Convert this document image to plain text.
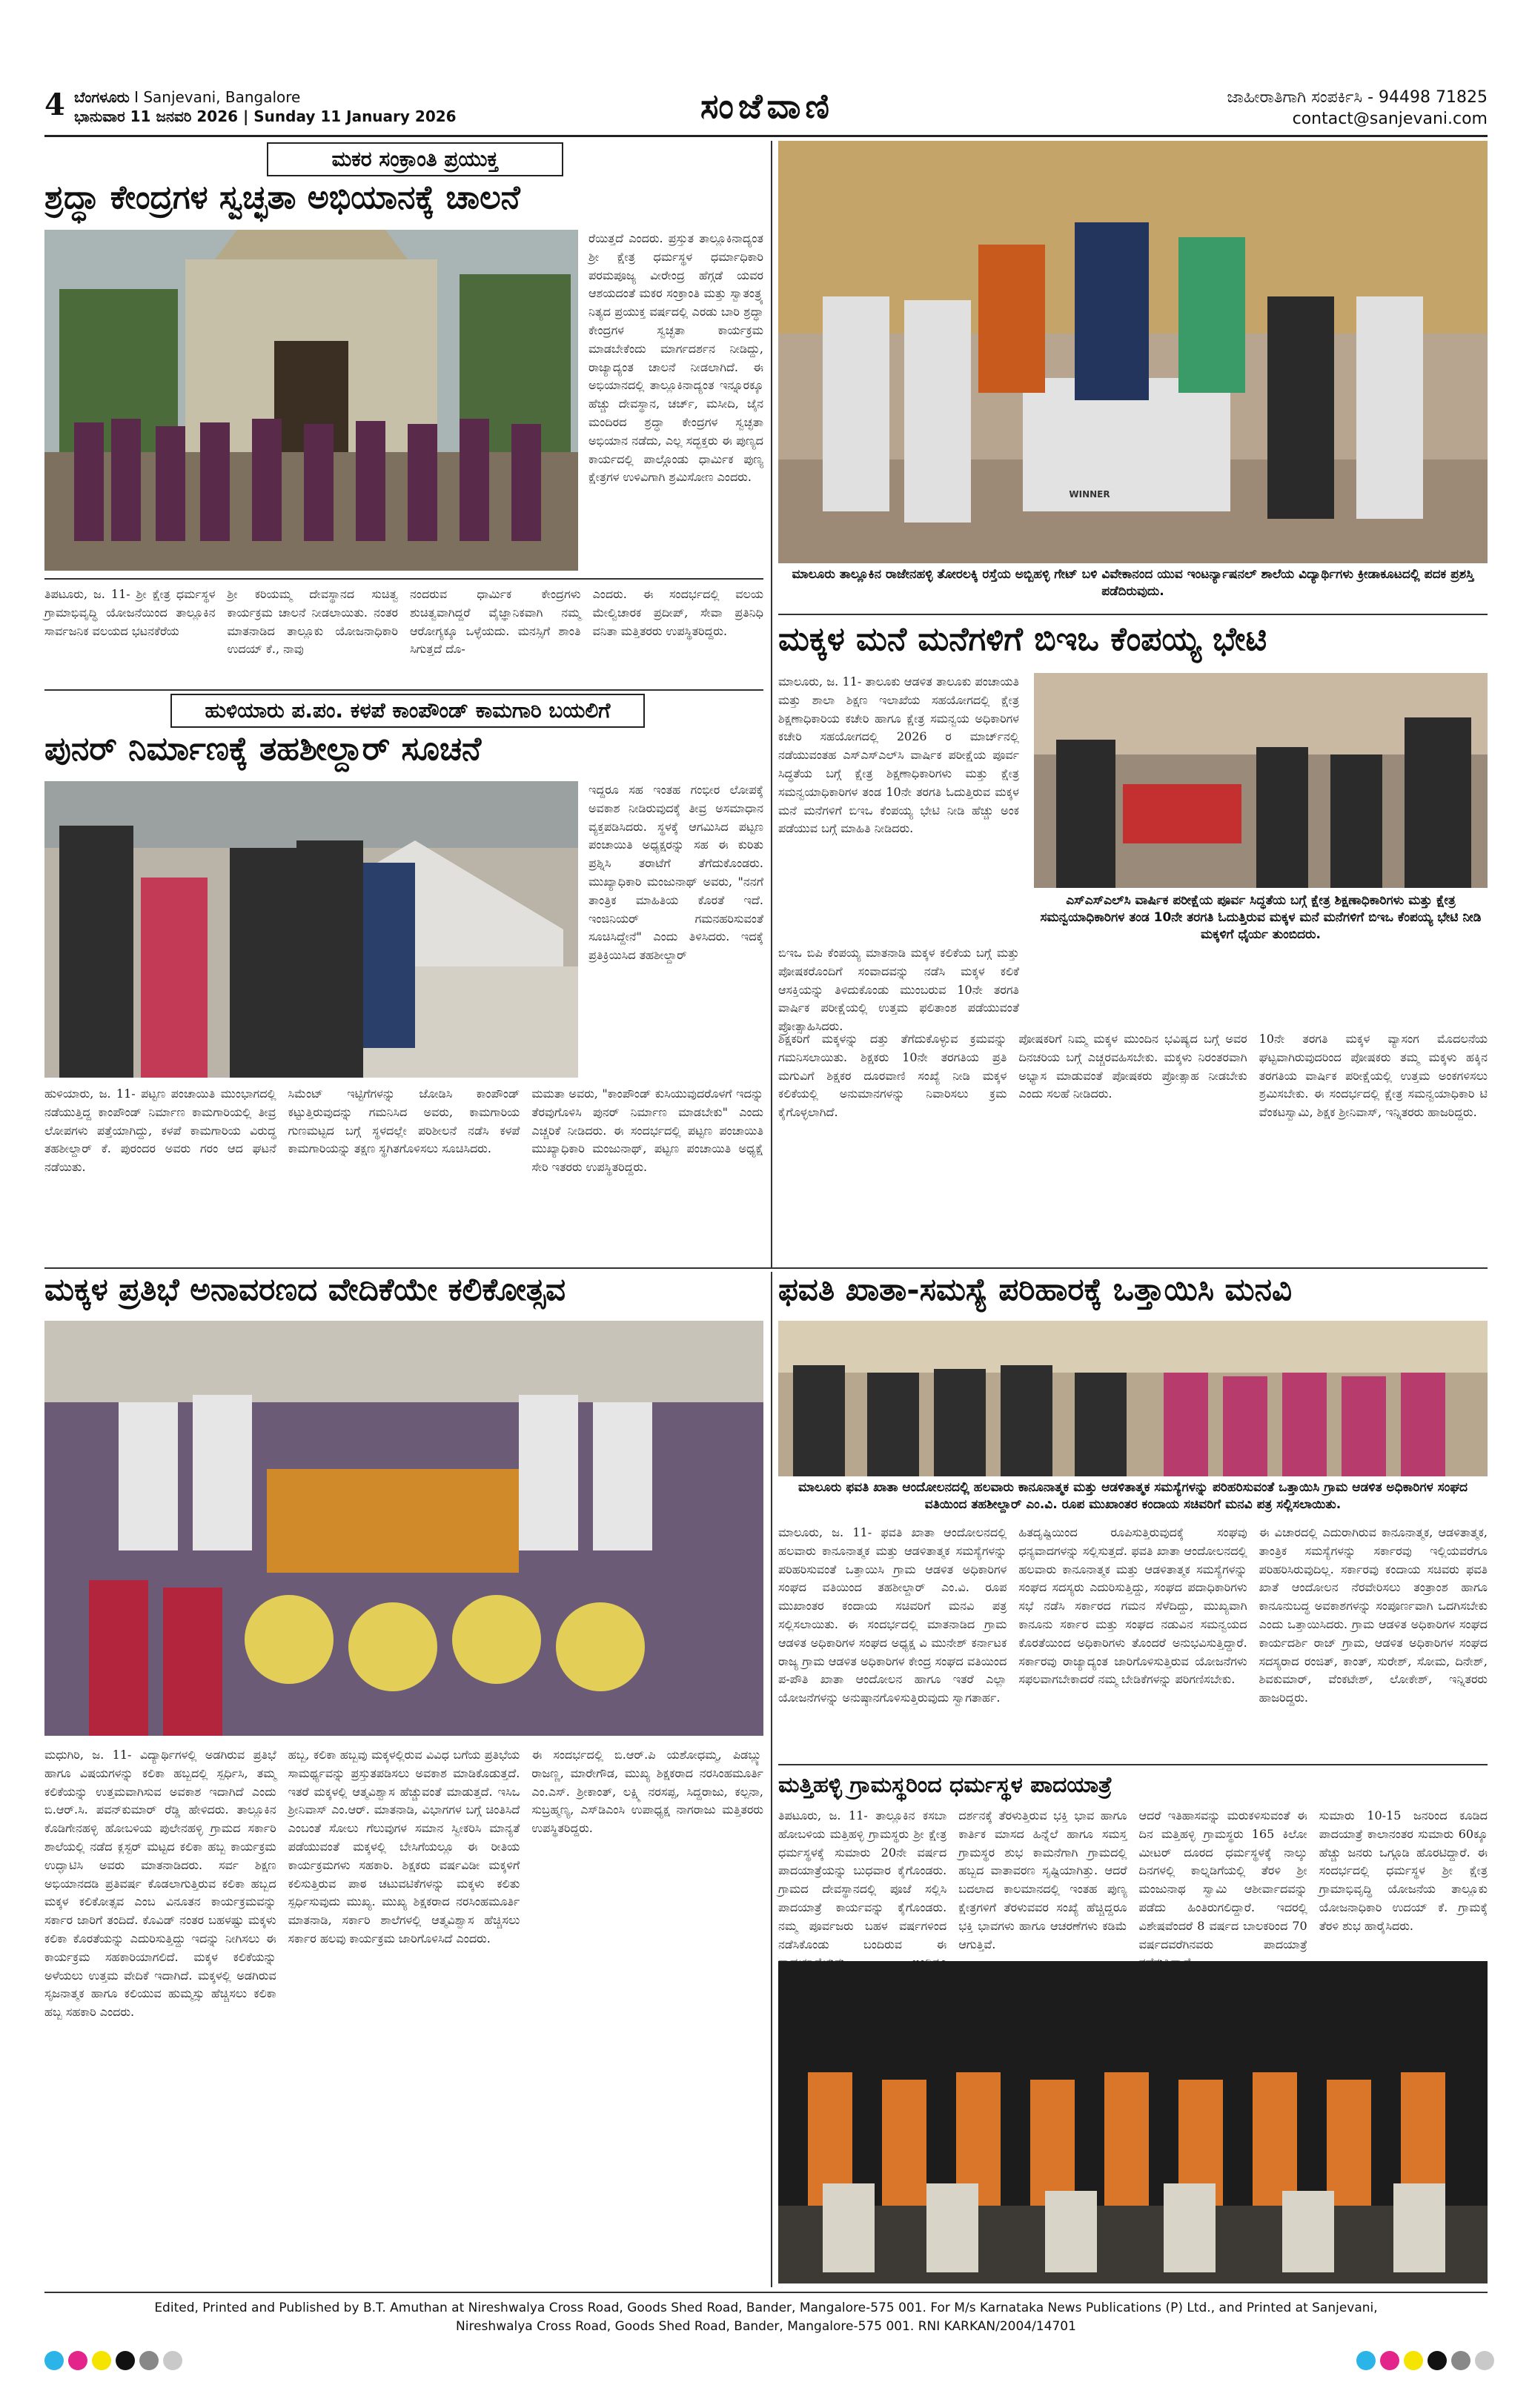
4 ಬೆಂಗಳೂರು I Sanjevani, Bangalore
ಭಾನುವಾರ 11 ಜನವರಿ 2026 | Sunday 11 January 2026	ಸಂಜೆವಾಣಿ	ಜಾಹೀರಾತಿಗಾಗಿ ಸಂಪರ್ಕಿಸಿ - 94498 71825
contact@sanjevani.com
ಮಕರ ಸಂಕ್ರಾಂತಿ ಪ್ರಯುಕ್ತ
ಶ್ರದ್ಧಾ ಕೇಂದ್ರಗಳ ಸ್ವಚ್ಛತಾ ಅಭಿಯಾನಕ್ಕೆ ಚಾಲನೆ
ರೆಯಿತ್ತದೆ ಎಂದರು. ಪ್ರಸ್ತುತ ತಾಲ್ಲೂಕಿನಾದ್ಯಂತ ಶ್ರೀ ಕ್ಷೇತ್ರ ಧರ್ಮಸ್ಥಳ ಧರ್ಮಾಧಿಕಾರಿ ಪರಮಪೂಜ್ಯ ವೀರೇಂದ್ರ ಹೆಗ್ಗಡೆ ಯವರ ಆಶಯದಂತೆ ಮಕರ ಸಂಕ್ರಾಂತಿ ಮತ್ತು ಸ್ವಾತಂತ್ರ್ಯ ನಿತ್ಯದ ಪ್ರಯುಕ್ತ ವರ್ಷದಲ್ಲಿ ಎರಡು ಬಾರಿ ಶ್ರದ್ಧಾ ಕೇಂದ್ರಗಳ ಸ್ವಚ್ಛತಾ ಕಾರ್ಯಕ್ರಮ ಮಾಡಬೇಕೆಂದು ಮಾರ್ಗದರ್ಶನ ನೀಡಿದ್ದು, ರಾಜ್ಯಾದ್ಯಂತ ಚಾಲನೆ ನೀಡಲಾಗಿದೆ. ಈ ಅಭಿಯಾನದಲ್ಲಿ ತಾಲ್ಲೂಕಿನಾದ್ಯಂತ ಇನ್ನೂರಕ್ಕೂ ಹೆಚ್ಚು ದೇವಸ್ಥಾನ, ಚರ್ಚ್, ಮಸೀದಿ, ಜೈನ ಮಂದಿರದ ಶ್ರದ್ಧಾ ಕೇಂದ್ರಗಳ ಸ್ವಚ್ಛತಾ ಅಭಿಯಾನ ನಡೆದು, ಎಲ್ಲ ಸದ್ಭಕ್ತರು ಈ ಪುಣ್ಯದ ಕಾರ್ಯದಲ್ಲಿ ಪಾಲ್ಗೊಂಡು ಧಾರ್ಮಿಕ ಪುಣ್ಯ ಕ್ಷೇತ್ರಗಳ ಉಳಿವಿಗಾಗಿ ಶ್ರಮಿಸೋಣ ಎಂದರು.
ತಿಪಟೂರು, ಜ. 11- ಶ್ರೀ ಕ್ಷೇತ್ರ ಧರ್ಮಸ್ಥಳ ಗ್ರಾಮಾಭಿವೃದ್ಧಿ ಯೋಜನೆಯಿಂದ ತಾಲ್ಲೂಕಿನ ಸಾರ್ವಜನಿಕ ವಲಯದ ಭಟನಕೆರೆಯ
ಶ್ರೀ ಕರಿಯಮ್ಮ ದೇವಸ್ಥಾನದ ಸುಚಿತ್ವ ಕಾರ್ಯಕ್ರಮ ಚಾಲನೆ ನೀಡಲಾಯಿತು. ನಂತರ ಮಾತನಾಡಿದ ತಾಲ್ಲೂಕು ಯೋಜನಾಧಿಕಾರಿ ಉದಯ್ ಕೆ., ನಾವು
ನಂದರುವ ಧಾರ್ಮಿಕ ಕೇಂದ್ರಗಳು ಶುಚಿತ್ವವಾಗಿದ್ದರೆ ವೈಜ್ಞಾನಿಕವಾಗಿ ನಮ್ಮ ಆರೋಗ್ಯಕ್ಕೂ ಒಳ್ಳೆಯದು. ಮನಸ್ಸಿಗೆ ಶಾಂತಿ ಸಿಗುತ್ತದೆ ದೊ-
ಎಂದರು. ಈ ಸಂದರ್ಭದಲ್ಲಿ ವಲಯ ಮೇಲ್ವಿಚಾರಕ ಪ್ರದೀಪ್, ಸೇವಾ ಪ್ರತಿನಿಧಿ ವನಿತಾ ಮತ್ತಿತರರು ಉಪಸ್ಥಿತರಿದ್ದರು.
WINNER
ಮಾಲೂರು ತಾಲ್ಲೂಕಿನ ರಾಜೇನಹಳ್ಳಿ ತೋರಲಕ್ಕಿ ರಸ್ತೆಯ ಅಬ್ಬಿಹಳ್ಳಿ ಗೇಟ್ ಬಳಿ ವಿವೇಕಾನಂದ ಯುವ ಇಂಟರ್ನ್ಯಾಷನಲ್ ಶಾಲೆಯ ವಿದ್ಯಾರ್ಥಿಗಳು ಕ್ರೀಡಾಕೂಟದಲ್ಲಿ ಪದಕ ಪ್ರಶಸ್ತಿ ಪಡೆದಿರುವುದು.
ಮಕ್ಕಳ ಮನೆ ಮನೆಗಳಿಗೆ ಬಿಇಒ ಕೆಂಪಯ್ಯ ಭೇಟಿ
ಮಾಲೂರು, ಜ. 11- ತಾಲೂಕು ಆಡಳಿತ ತಾಲೂಕು ಪಂಚಾಯತಿ ಮತ್ತು ಶಾಲಾ ಶಿಕ್ಷಣ ಇಲಾಖೆಯ ಸಹಯೋಗದಲ್ಲಿ ಕ್ಷೇತ್ರ ಶಿಕ್ಷಣಾಧಿಕಾರಿಯ ಕಚೇರಿ ಹಾಗೂ ಕ್ಷೇತ್ರ ಸಮನ್ವಯ ಅಧಿಕಾರಿಗಳ ಕಚೇರಿ ಸಹಯೋಗದಲ್ಲಿ 2026 ರ ಮಾರ್ಚ್‌ನಲ್ಲಿ ನಡೆಯುವಂತಹ ಎಸ್‌ಎಸ್‌ಎಲ್‌ಸಿ ವಾರ್ಷಿಕ ಪರೀಕ್ಷೆಯ ಪೂರ್ವ ಸಿದ್ಧತೆಯ ಬಗ್ಗೆ ಕ್ಷೇತ್ರ ಶಿಕ್ಷಣಾಧಿಕಾರಿಗಳು ಮತ್ತು ಕ್ಷೇತ್ರ ಸಮನ್ವಯಾಧಿಕಾರಿಗಳ ತಂಡ 10ನೇ ತರಗತಿ ಓದುತ್ತಿರುವ ಮಕ್ಕಳ ಮನೆ ಮನೆಗಳಿಗೆ ಬಿಇಒ ಕೆಂಪಯ್ಯ ಭೇಟಿ ನೀಡಿ ಹೆಚ್ಚು ಅಂಕ ಪಡೆಯುವ ಬಗ್ಗೆ ಮಾಹಿತಿ ನೀಡಿದರು.
ಎಸ್‌ಎಸ್‌ಎಲ್‌ಸಿ ವಾರ್ಷಿಕ ಪರೀಕ್ಷೆಯ ಪೂರ್ವ ಸಿದ್ಧತೆಯ ಬಗ್ಗೆ ಕ್ಷೇತ್ರ ಶಿಕ್ಷಣಾಧಿಕಾರಿಗಳು ಮತ್ತು ಕ್ಷೇತ್ರ ಸಮನ್ವಯಾಧಿಕಾರಿಗಳ ತಂಡ 10ನೇ ತರಗತಿ ಓದುತ್ತಿರುವ ಮಕ್ಕಳ ಮನೆ ಮನೆಗಳಿಗೆ ಬಿಇಒ ಕೆಂಪಯ್ಯ ಭೇಟಿ ನೀಡಿ ಮಕ್ಕಳಿಗೆ ಧೈರ್ಯ ತುಂಬಿದರು.
ಬಿಇಒ ಬಿಪಿ ಕೆಂಪಯ್ಯ ಮಾತನಾಡಿ ಮಕ್ಕಳ ಕಲಿಕೆಯ ಬಗ್ಗೆ ಮತ್ತು ಪೋಷಕರೊಂದಿಗೆ ಸಂವಾದವನ್ನು ನಡೆಸಿ ಮಕ್ಕಳ ಕಲಿಕೆ ಆಸಕ್ತಿಯನ್ನು ತಿಳಿದುಕೊಂಡು ಮುಂಬರುವ 10ನೇ ತರಗತಿ ವಾರ್ಷಿಕ ಪರೀಕ್ಷೆಯಲ್ಲಿ ಉತ್ತಮ ಫಲಿತಾಂಶ ಪಡೆಯುವಂತೆ ಪ್ರೋತ್ಸಾಹಿಸಿದರು.
ಶಿಕ್ಷಕರಿಗೆ ಮಕ್ಕಳನ್ನು ದತ್ತು ತೆಗೆದುಕೊಳ್ಳುವ ಕ್ರಮವನ್ನು ಗಮನಿಸಲಾಯಿತು. ಶಿಕ್ಷಕರು 10ನೇ ತರಗತಿಯ ಪ್ರತಿ ಮಗುವಿಗೆ ಶಿಕ್ಷಕರ ದೂರವಾಣಿ ಸಂಖ್ಯೆ ನೀಡಿ ಮಕ್ಕಳ ಕಲಿಕೆಯಲ್ಲಿ ಅನುಮಾನಗಳನ್ನು ನಿವಾರಿಸಲು ಕ್ರಮ ಕೈಗೊಳ್ಳಲಾಗಿದೆ.
ಪೋಷಕರಿಗೆ ನಿಮ್ಮ ಮಕ್ಕಳ ಮುಂದಿನ ಭವಿಷ್ಯದ ಬಗ್ಗೆ ಅವರ ದಿನಚರಿಯ ಬಗ್ಗೆ ಎಚ್ಚರವಹಿಸಬೇಕು. ಮಕ್ಕಳು ನಿರಂತರವಾಗಿ ಅಭ್ಯಾಸ ಮಾಡುವಂತೆ ಪೋಷಕರು ಪ್ರೋತ್ಸಾಹ ನೀಡಬೇಕು ಎಂದು ಸಲಹೆ ನೀಡಿದರು.
10ನೇ ತರಗತಿ ಮಕ್ಕಳ ವ್ಯಾಸಂಗ ಮೊದಲನೆಯ ಘಟ್ಟವಾಗಿರುವುದರಿಂದ ಪೋಷಕರು ತಮ್ಮ ಮಕ್ಕಳು ಹಕ್ಕಿನ ತರಗತಿಯ ವಾರ್ಷಿಕ ಪರೀಕ್ಷೆಯಲ್ಲಿ ಉತ್ತಮ ಅಂಕಗಳಿಸಲು ಶ್ರಮಿಸಬೇಕು. ಈ ಸಂದರ್ಭದಲ್ಲಿ ಕ್ಷೇತ್ರ ಸಮನ್ವಯಾಧಿಕಾರಿ ಟಿ ವೆಂಕಟಸ್ವಾಮಿ, ಶಿಕ್ಷಕ ಶ್ರೀನಿವಾಸ್, ಇನ್ನಿತರರು ಹಾಜರಿದ್ದರು.
ಹುಳಿಯಾರು ಪ.ಪಂ. ಕಳಪೆ ಕಾಂಪೌಂಡ್ ಕಾಮಗಾರಿ ಬಯಲಿಗೆ
ಪುನರ್ ನಿರ್ಮಾಣಕ್ಕೆ ತಹಶೀಲ್ದಾರ್ ಸೂಚನೆ
ಇದ್ದರೂ ಸಹ ಇಂತಹ ಗಂಭೀರ ಲೋಪಕ್ಕೆ ಅವಕಾಶ ನೀಡಿರುವುದಕ್ಕೆ ತೀವ್ರ ಅಸಮಾಧಾನ ವ್ಯಕ್ತಪಡಿಸಿದರು. ಸ್ಥಳಕ್ಕೆ ಆಗಮಿಸಿದ ಪಟ್ಟಣ ಪಂಚಾಯಿತಿ ಅಧ್ಯಕ್ಷರನ್ನು ಸಹ ಈ ಕುರಿತು ಪ್ರಶ್ನಿಸಿ ತರಾಟೆಗೆ ತೆಗೆದುಕೊಂಡರು. ಮುಖ್ಯಾಧಿಕಾರಿ ಮಂಜುನಾಥ್ ಅವರು, "ನನಗೆ ತಾಂತ್ರಿಕ ಮಾಹಿತಿಯ ಕೊರತೆ ಇದೆ. ಇಂಜಿನಿಯರ್ ಗಮನಹರಿಸುವಂತೆ ಸೂಚಿಸಿದ್ದೇನೆ" ಎಂದು ತಿಳಿಸಿದರು. ಇದಕ್ಕೆ ಪ್ರತಿಕ್ರಿಯಿಸಿದ ತಹಶೀಲ್ದಾರ್
ಹುಳಿಯಾರು, ಜ. 11- ಪಟ್ಟಣ ಪಂಚಾಯಿತಿ ಮುಂಭಾಗದಲ್ಲಿ ನಡೆಯುತ್ತಿದ್ದ ಕಾಂಪೌಂಡ್ ನಿರ್ಮಾಣ ಕಾಮಗಾರಿಯಲ್ಲಿ ತೀವ್ರ ಲೋಪಗಳು ಪತ್ತೆಯಾಗಿದ್ದು, ಕಳಪೆ ಕಾಮಗಾರಿಯ ವಿರುದ್ಧ ತಹಶೀಲ್ದಾರ್ ಕೆ. ಪುರಂದರ ಅವರು ಗರಂ ಆದ ಘಟನೆ ನಡೆಯಿತು.
ಸಿಮೆಂಟ್ ಇಟ್ಟಿಗೆಗಳನ್ನು ಜೋಡಿಸಿ ಕಾಂಪೌಂಡ್ ಕಟ್ಟುತ್ತಿರುವುದನ್ನು ಗಮನಿಸಿದ ಅವರು, ಕಾಮಗಾರಿಯ ಗುಣಮಟ್ಟದ ಬಗ್ಗೆ ಸ್ಥಳದಲ್ಲೇ ಪರಿಶೀಲನೆ ನಡೆಸಿ ಕಳಪೆ ಕಾಮಗಾರಿಯನ್ನು ತಕ್ಷಣ ಸ್ಥಗಿತಗೊಳಿಸಲು ಸೂಚಿಸಿದರು.
ಮಮತಾ ಅವರು, "ಕಾಂಪೌಂಡ್ ಕುಸಿಯುವುದರೊಳಗೆ ಇದನ್ನು ತೆರವುಗೊಳಿಸಿ ಪುನರ್ ನಿರ್ಮಾಣ ಮಾಡಬೇಕು" ಎಂದು ಎಚ್ಚರಿಕೆ ನೀಡಿದರು. ಈ ಸಂದರ್ಭದಲ್ಲಿ ಪಟ್ಟಣ ಪಂಚಾಯಿತಿ ಮುಖ್ಯಾಧಿಕಾರಿ ಮಂಜುನಾಥ್, ಪಟ್ಟಣ ಪಂಚಾಯಿತಿ ಅಧ್ಯಕ್ಷೆ ಸೇರಿ ಇತರರು ಉಪಸ್ಥಿತರಿದ್ದರು.
ಫವತಿ ಖಾತಾ-ಸಮಸ್ಯೆ ಪರಿಹಾರಕ್ಕೆ ಒತ್ತಾಯಿಸಿ ಮನವಿ
ಮಾಲೂರು ಫವತಿ ಖಾತಾ ಆಂದೋಲನದಲ್ಲಿ ಹಲವಾರು ಕಾನೂನಾತ್ಮಕ ಮತ್ತು ಆಡಳಿತಾತ್ಮಕ ಸಮಸ್ಯೆಗಳನ್ನು ಪರಿಹರಿಸುವಂತೆ ಒತ್ತಾಯಿಸಿ ಗ್ರಾಮ ಆಡಳಿತ ಅಧಿಕಾರಿಗಳ ಸಂಘದ ವತಿಯಿಂದ ತಹಶೀಲ್ದಾರ್ ಎಂ.ವಿ. ರೂಪ ಮುಖಾಂತರ ಕಂದಾಯ ಸಚಿವರಿಗೆ ಮನವಿ ಪತ್ರ ಸಲ್ಲಿಸಲಾಯಿತು.
ಮಾಲೂರು, ಜ. 11- ಫವತಿ ಖಾತಾ ಆಂದೋಲನದಲ್ಲಿ ಹಲವಾರು ಕಾನೂನಾತ್ಮಕ ಮತ್ತು ಆಡಳಿತಾತ್ಮಕ ಸಮಸ್ಯೆಗಳನ್ನು ಪರಿಹರಿಸುವಂತೆ ಒತ್ತಾಯಿಸಿ ಗ್ರಾಮ ಆಡಳಿತ ಅಧಿಕಾರಿಗಳ ಸಂಘದ ವತಿಯಿಂದ ತಹಶೀಲ್ದಾರ್ ಎಂ.ವಿ. ರೂಪ ಮುಖಾಂತರ ಕಂದಾಯ ಸಚಿವರಿಗೆ ಮನವಿ ಪತ್ರ ಸಲ್ಲಿಸಲಾಯಿತು. ಈ ಸಂದರ್ಭದಲ್ಲಿ ಮಾತನಾಡಿದ ಗ್ರಾಮ ಆಡಳಿತ ಅಧಿಕಾರಿಗಳ ಸಂಘದ ಅಧ್ಯಕ್ಷ ವಿ ಮುನೇಶ್ ಕರ್ನಾಟಕ ರಾಜ್ಯ ಗ್ರಾಮ ಆಡಳಿತ ಅಧಿಕಾರಿಗಳ ಕೇಂದ್ರ ಸಂಘದ ವತಿಯಿಂದ ಪ-ಪೌತಿ ಖಾತಾ ಆಂದೋಲನ ಹಾಗೂ ಇತರೆ ಎಲ್ಲಾ ಯೋಜನೆಗಳನ್ನು ಅನುಷ್ಠಾನಗೊಳಿಸುತ್ತಿರುವುದು ಸ್ವಾಗತಾರ್ಹ.
ಹಿತದೃಷ್ಟಿಯಿಂದ ರೂಪಿಸುತ್ತಿರುವುದಕ್ಕೆ ಸಂಘವು ಧನ್ಯವಾದಗಳನ್ನು ಸಲ್ಲಿಸುತ್ತದೆ. ಫವತಿ ಖಾತಾ ಆಂದೋಲನದಲ್ಲಿ ಹಲವಾರು ಕಾನೂನಾತ್ಮಕ ಮತ್ತು ಆಡಳಿತಾತ್ಮಕ ಸಮಸ್ಯೆಗಳನ್ನು ಸಂಘದ ಸದಸ್ಯರು ಎದುರಿಸುತ್ತಿದ್ದು, ಸಂಘದ ಪದಾಧಿಕಾರಿಗಳು ಸಭೆ ನಡೆಸಿ ಸರ್ಕಾರದ ಗಮನ ಸೆಳೆದಿದ್ದು, ಮುಖ್ಯವಾಗಿ ಕಾನೂನು ಸರ್ಕಾರ ಮತ್ತು ಸಂಘದ ನಡುವಿನ ಸಮನ್ವಯದ ಕೊರತೆಯಿಂದ ಅಧಿಕಾರಿಗಳು ತೊಂದರೆ ಅನುಭವಿಸುತ್ತಿದ್ದಾರೆ. ಸರ್ಕಾರವು ರಾಜ್ಯಾದ್ಯಂತ ಜಾರಿಗೊಳಿಸುತ್ತಿರುವ ಯೋಜನೆಗಳು ಸಫಲವಾಗಬೇಕಾದರೆ ನಮ್ಮ ಬೇಡಿಕೆಗಳನ್ನು ಪರಿಗಣಿಸಬೇಕು.
ಈ ವಿಚಾರದಲ್ಲಿ ಎದುರಾಗಿರುವ ಕಾನೂನಾತ್ಮಕ, ಆಡಳಿತಾತ್ಮಕ, ತಾಂತ್ರಿಕ ಸಮಸ್ಯೆಗಳನ್ನು ಸರ್ಕಾರವು ಇಲ್ಲಿಯವರೆಗೂ ಪರಿಹರಿಸಿರುವುದಿಲ್ಲ. ಸರ್ಕಾರವು ಕಂದಾಯ ಸಚಿವರು ಫವತಿ ಖಾತೆ ಆಂದೋಲನ ನೆರವೇರಿಸಲು ತಂತ್ರಾಂಶ ಹಾಗೂ ಕಾನೂನುಬದ್ಧ ಅವಕಾಶಗಳನ್ನು ಸಂಪೂರ್ಣವಾಗಿ ಒದಗಿಸಬೇಕು ಎಂದು ಒತ್ತಾಯಿಸಿದರು. ಗ್ರಾಮ ಆಡಳಿತ ಅಧಿಕಾರಿಗಳ ಸಂಘದ ಕಾರ್ಯದರ್ಶಿ ರಾಜ್ ಗ್ರಾಮ, ಆಡಳಿತ ಅಧಿಕಾರಿಗಳ ಸಂಘದ ಸದಸ್ಯರಾದ ರಂಜಿತ್, ಕಾಂತ್, ಸುರೇಶ್, ಸೋಮ, ದಿನೇಶ್, ಶಿವಕುಮಾರ್, ವೆಂಕಟೇಶ್, ಲೋಕೇಶ್, ಇನ್ನಿತರರು ಹಾಜರಿದ್ದರು.
ಮಕ್ಕಳ ಪ್ರತಿಭೆ ಅನಾವರಣದ ವೇದಿಕೆಯೇ ಕಲಿಕೋತ್ಸವ
ಮಧುಗಿರಿ, ಜ. 11- ವಿದ್ಯಾರ್ಥಿಗಳಲ್ಲಿ ಅಡಗಿರುವ ಪ್ರತಿಭೆ ಹಾಗೂ ವಿಷಯಗಳನ್ನು ಕಲಿಕಾ ಹಬ್ಬದಲ್ಲಿ ಸ್ಪರ್ಧಿಸಿ, ತಮ್ಮ ಕಲಿಕೆಯನ್ನು ಉತ್ತಮವಾಗಿಸುವ ಅವಕಾಶ ಇದಾಗಿದೆ ಎಂದು ಬಿ.ಆರ್.ಸಿ. ಪವನ್‌ಕುಮಾರ್ ರೆಡ್ಡಿ ಹೇಳಿದರು. ತಾಲ್ಲೂಕಿನ ಕೊಡಿಗೇನಹಳ್ಳಿ ಹೋಬಳಿಯ ಪುಲೇನಹಳ್ಳಿ ಗ್ರಾಮದ ಸರ್ಕಾರಿ ಶಾಲೆಯಲ್ಲಿ ನಡೆದ ಕ್ಲಸ್ಟರ್ ಮಟ್ಟದ ಕಲಿಕಾ ಹಬ್ಬ ಕಾರ್ಯಕ್ರಮ ಉದ್ಘಾಟಿಸಿ ಅವರು ಮಾತನಾಡಿದರು. ಸರ್ವ ಶಿಕ್ಷಣ ಅಭಿಯಾನದಡಿ ಪ್ರತಿವರ್ಷ ಕೊಡಲಾಗುತ್ತಿರುವ ಕಲಿಕಾ ಹಬ್ಬದ ಮಕ್ಕಳ ಕಲಿಕೋತ್ಸವ ಎಂಬ ವಿನೂತನ ಕಾರ್ಯಕ್ರಮವನ್ನು ಸರ್ಕಾರ ಜಾರಿಗೆ ತಂದಿದೆ. ಕೊವಿಡ್ ನಂತರ ಬಹಳಷ್ಟು ಮಕ್ಕಳು ಕಲಿಕಾ ಕೊರತೆಯನ್ನು ಎದುರಿಸುತ್ತಿದ್ದು ಇದನ್ನು ನೀಗಿಸಲು ಈ ಕಾರ್ಯಕ್ರಮ ಸಹಕಾರಿಯಾಗಲಿದೆ. ಮಕ್ಕಳ ಕಲಿಕೆಯನ್ನು ಅಳೆಯಲು ಉತ್ತಮ ವೇದಿಕೆ ಇದಾಗಿದೆ. ಮಕ್ಕಳಲ್ಲಿ ಅಡಗಿರುವ ಸೃಜನಾತ್ಮಕ ಹಾಗೂ ಕಲಿಯುವ ಹುಮ್ಮಸ್ಸು ಹೆಚ್ಚಿಸಲು ಕಲಿಕಾ ಹಬ್ಬ ಸಹಕಾರಿ ಎಂದರು.
ಹಬ್ಬ, ಕಲಿಕಾ ಹಬ್ಬವು ಮಕ್ಕಳಲ್ಲಿರುವ ವಿವಿಧ ಬಗೆಯ ಪ್ರತಿಭೆಯ ಸಾಮರ್ಥ್ಯವನ್ನು ಪ್ರಸ್ತುತಪಡಿಸಲು ಅವಕಾಶ ಮಾಡಿಕೊಡುತ್ತದೆ. ಇತರೆ ಮಕ್ಕಳಲ್ಲಿ ಆತ್ಮವಿಶ್ವಾಸ ಹೆಚ್ಚುವಂತೆ ಮಾಡುತ್ತದೆ. ಇಸಿಒ ಶ್ರೀನಿವಾಸ್ ಎಂ.ಆರ್. ಮಾತನಾಡಿ, ವಿಭಾಗಗಳ ಬಗ್ಗೆ ಚಿಂತಿಸಿದೆ ಎಂಬಂತೆ ಸೋಲು ಗೆಲುವುಗಳ ಸಮಾನ ಸ್ವೀಕರಿಸಿ ಮಾನ್ಯತೆ ಪಡೆಯುವಂತೆ ಮಕ್ಕಳಲ್ಲಿ ಬೇಸಿಗೆಯಲ್ಲೂ ಈ ರೀತಿಯ ಕಾರ್ಯಕ್ರಮಗಳು ಸಹಕಾರಿ. ಶಿಕ್ಷಕರು ವರ್ಷವಿಡೀ ಮಕ್ಕಳಿಗೆ ಕಲಿಸುತ್ತಿರುವ ಪಾಠ ಚಟುವಟಿಕೆಗಳನ್ನು ಮಕ್ಕಳು ಕಲಿತು ಸ್ಪರ್ಧಿಸುವುದು ಮುಖ್ಯ. ಮುಖ್ಯ ಶಿಕ್ಷಕರಾದ ನರಸಿಂಹಮೂರ್ತಿ ಮಾತನಾಡಿ, ಸರ್ಕಾರಿ ಶಾಲೆಗಳಲ್ಲಿ ಆತ್ಮವಿಶ್ವಾಸ ಹೆಚ್ಚಿಸಲು ಸರ್ಕಾರ ಹಲವು ಕಾರ್ಯಕ್ರಮ ಜಾರಿಗೊಳಿಸಿದೆ ಎಂದರು.
ಈ ಸಂದರ್ಭದಲ್ಲಿ ಬಿ.ಆರ್.ಪಿ ಯಶೋಧಮ್ಮ, ಪಿಡಬ್ಲ್ಯು ರಾಜಣ್ಣ, ಮಾರೇಗೌಡ, ಮುಖ್ಯ ಶಿಕ್ಷಕರಾದ ನರಸಿಂಹಮೂರ್ತಿ ಎಂ.ಎಸ್. ಶ್ರೀಕಾಂತ್, ಲಕ್ಷ್ಮಿ ನರಸಪ್ಪ, ಸಿದ್ದರಾಜು, ಕಲ್ಪನಾ, ಸುಬ್ರಹ್ಮಣ್ಯ, ಎಸ್‌ಡಿಎಂಸಿ ಉಪಾಧ್ಯಕ್ಷ ನಾಗರಾಜು ಮತ್ತಿತರರು ಉಪಸ್ಥಿತರಿದ್ದರು.
ಮತ್ತಿಹಳ್ಳಿ ಗ್ರಾಮಸ್ಥರಿಂದ ಧರ್ಮಸ್ಥಳ ಪಾದಯಾತ್ರೆ
ತಿಪಟೂರು, ಜ. 11- ತಾಲ್ಲೂಕಿನ ಕಸಬಾ ಹೋಬಳಿಯ ಮತ್ತಿಹಳ್ಳಿ ಗ್ರಾಮಸ್ಥರು ಶ್ರೀ ಕ್ಷೇತ್ರ ಧರ್ಮಸ್ಥಳಕ್ಕೆ ಸುಮಾರು 20ನೇ ವರ್ಷದ ಪಾದಯಾತ್ರೆಯನ್ನು ಬುಧವಾರ ಕೈಗೊಂಡರು. ಗ್ರಾಮದ ದೇವಸ್ಥಾನದಲ್ಲಿ ಪೂಜೆ ಸಲ್ಲಿಸಿ ಪಾದಯಾತ್ರೆ ಕಾರ್ಯವನ್ನು ಕೈಗೊಂಡರು. ನಮ್ಮ ಪೂರ್ವಜರು ಬಹಳ ವರ್ಷಗಳಿಂದ ನಡೆಸಿಕೊಂಡು ಬಂದಿರುವ ಈ
ದರ್ಶನಕ್ಕೆ ತೆರಳುತ್ತಿರುವ ಭಕ್ತಿ ಭಾವ ಹಾಗೂ ಕಾರ್ತಿಕ ಮಾಸದ ಹಿನ್ನೆಲೆ ಹಾಗೂ ಸಮಸ್ತ ಗ್ರಾಮಸ್ಥರ ಶುಭ ಕಾಮನೆಗಾಗಿ ಗ್ರಾಮದಲ್ಲಿ ಹಬ್ಬದ ವಾತಾವರಣ ಸೃಷ್ಟಿಯಾಗಿತ್ತು. ಆದರೆ ಬದಲಾದ ಕಾಲಮಾನದಲ್ಲಿ ಇಂತಹ ಪುಣ್ಯ ಕ್ಷೇತ್ರಗಳಿಗೆ ತೆರಳುವವರ ಸಂಖ್ಯೆ ಹೆಚ್ಚಿದ್ದರೂ ಭಕ್ತಿ ಭಾವಗಳು ಹಾಗೂ ಆಚರಣೆಗಳು ಕಡಿಮೆ ಆಗುತ್ತಿವೆ.
ಆದರೆ ಇತಿಹಾಸವನ್ನು ಮರುಕಳಿಸುವಂತೆ ಈ ದಿನ ಮತ್ತಿಹಳ್ಳಿ ಗ್ರಾಮಸ್ಥರು 165 ಕಿಲೋ ಮೀಟರ್ ದೂರದ ಧರ್ಮಸ್ಥಳಕ್ಕೆ ನಾಲ್ಕು ದಿನಗಳಲ್ಲಿ ಕಾಲ್ನಡಿಗೆಯಲ್ಲಿ ತೆರಳಿ ಶ್ರೀ ಮಂಜುನಾಥ ಸ್ವಾಮಿ ಆಶೀರ್ವಾದವನ್ನು ಪಡೆದು ಹಿಂತಿರುಗಲಿದ್ದಾರೆ. ಇದರಲ್ಲಿ ವಿಶೇಷವೆಂದರೆ 8 ವರ್ಷದ ಬಾಲಕರಿಂದ 70 ವರ್ಷದವರೆಗಿನವರು ಪಾದಯಾತ್ರೆ
ಸುಮಾರು 10-15 ಜನರಿಂದ ಕೂಡಿದ ಪಾದಯಾತ್ರೆ ಕಾಲಾನಂತರ ಸುಮಾರು 60ಕ್ಕೂ ಹೆಚ್ಚು ಜನರು ಒಗ್ಗೂಡಿ ಹೊರಟಿದ್ದಾರೆ. ಈ ಸಂದರ್ಭದಲ್ಲಿ ಧರ್ಮಸ್ಥಳ ಶ್ರೀ ಕ್ಷೇತ್ರ ಗ್ರಾಮಾಭಿವೃದ್ಧಿ ಯೋಜನೆಯ ತಾಲ್ಲೂಕು ಯೋಜನಾಧಿಕಾರಿ ಉದಯ್ ಕೆ. ಗ್ರಾಮಕ್ಕೆ ತೆರಳಿ ಶುಭ ಹಾರೈಸಿದರು.
Edited, Printed and Published by B.T. Amuthan at Nireshwalya Cross Road, Goods Shed Road, Bander, Mangalore-575 001. For M/s Karnataka News Publications (P) Ltd., and Printed at Sanjevani,
Nireshwalya Cross Road, Goods Shed Road, Bander, Mangalore-575 001. RNI KARKAN/2004/14701
